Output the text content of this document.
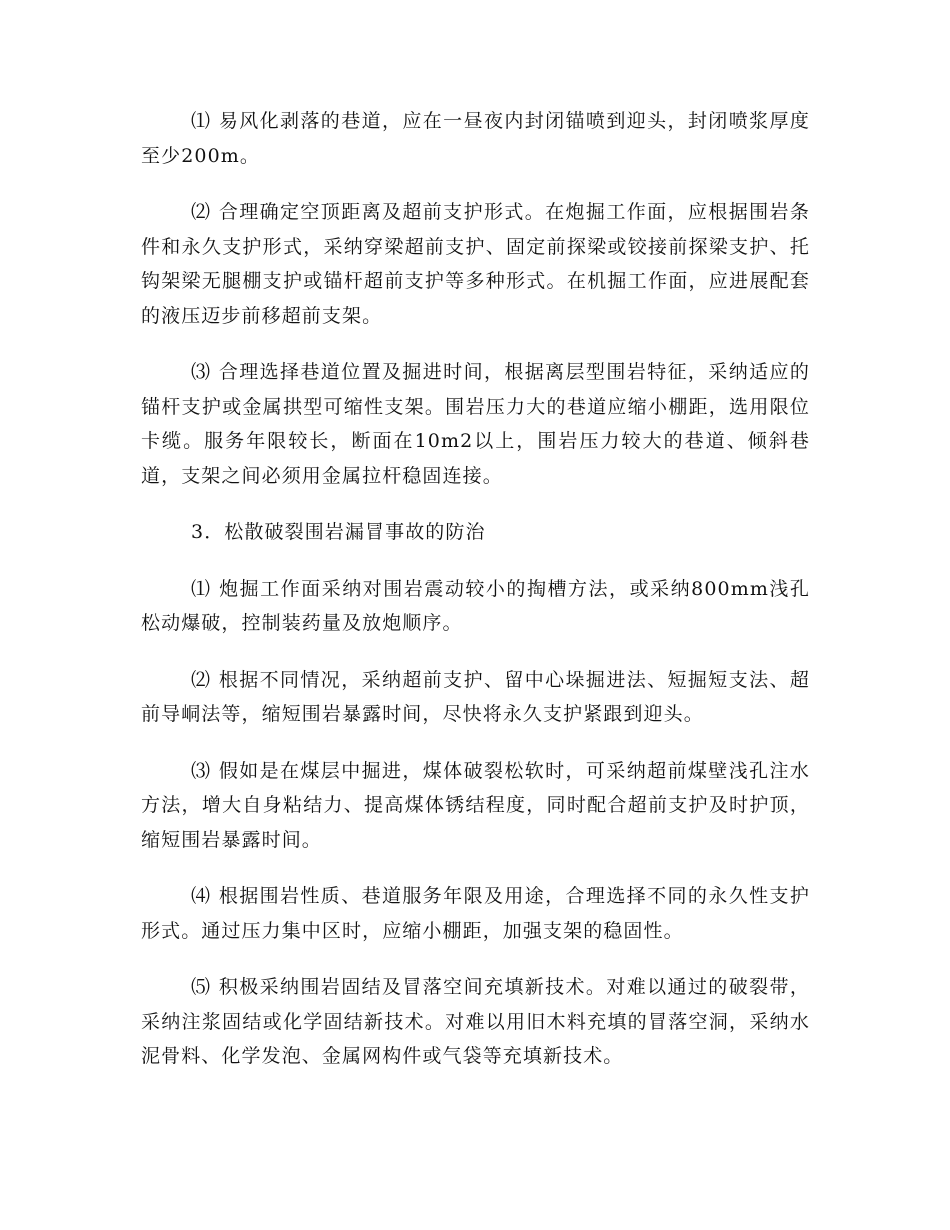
⑴ 易风化剥落的巷道，应在一昼夜内封闭锚喷到迎头，封闭喷浆厚度至少200m。

⑵ 合理确定空顶距离及超前支护形式。在炮掘工作面，应根据围岩条件和永久支护形式，采纳穿梁超前支护、固定前探梁或铰接前探梁支护、托钩架梁无腿棚支护或锚杆超前支护等多种形式。在机掘工作面，应进展配套的液压迈步前移超前支架。

⑶ 合理选择巷道位置及掘进时间，根据离层型围岩特征，采纳适应的锚杆支护或金属拱型可缩性支架。围岩压力大的巷道应缩小棚距，选用限位卡缆。服务年限较长，断面在10m2以上，围岩压力较大的巷道、倾斜巷道，支架之间必须用金属拉杆稳固连接。

3．松散破裂围岩漏冒事故的防治

⑴ 炮掘工作面采纳对围岩震动较小的掏槽方法，或采纳800mm浅孔松动爆破，控制装药量及放炮顺序。

⑵ 根据不同情况，采纳超前支护、留中心垛掘进法、短掘短支法、超前导峒法等，缩短围岩暴露时间，尽快将永久支护紧跟到迎头。

⑶ 假如是在煤层中掘进，煤体破裂松软时，可采纳超前煤壁浅孔注水方法，增大自身粘结力、提高煤体锈结程度，同时配合超前支护及时护顶，缩短围岩暴露时间。

⑷ 根据围岩性质、巷道服务年限及用途，合理选择不同的永久性支护形式。通过压力集中区时，应缩小棚距，加强支架的稳固性。

⑸ 积极采纳围岩固结及冒落空间充填新技术。对难以通过的破裂带，采纳注浆固结或化学固结新技术。对难以用旧木料充填的冒落空洞，采纳水泥骨料、化学发泡、金属网构件或气袋等充填新技术。
